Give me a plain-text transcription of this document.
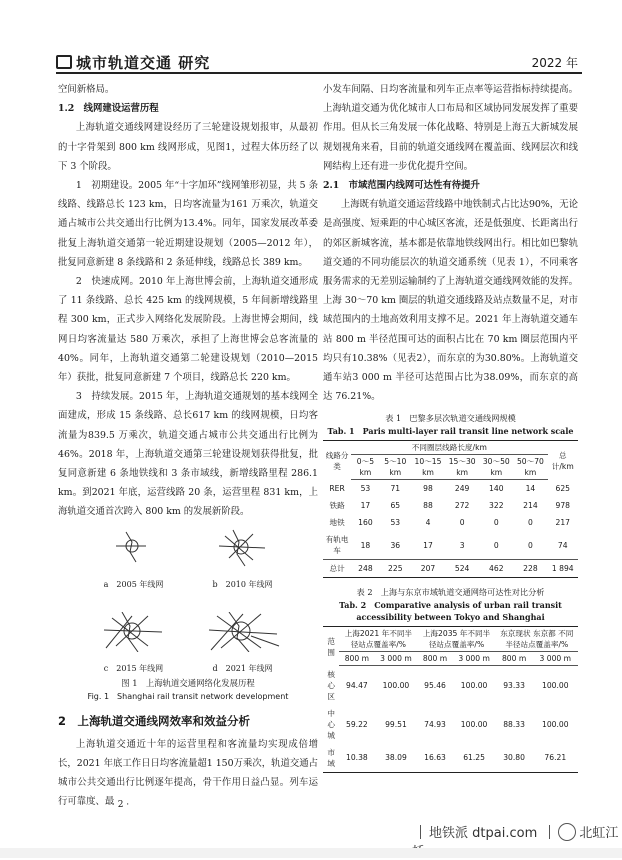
城市轨道交通 研究	2022 年

空间新格局。

1.2　线网建设运营历程

上海轨道交通线网建设经历了三轮建设规划报审，从最初的十字骨架到 800 km 线网形成，见图1，过程大体历经了以下 3 个阶段。

1　初期建设。2005 年“十字加环”线网雏形初显，共 5 条线路、线路总长 123 km，日均客流量为161 万乘次，轨道交通占城市公共交通出行比例为13.4%。同年，国家发展改革委批复上海轨道交通第一轮近期建设规划（2005—2012 年），批复同意新建 8 条线路和 2 条延伸线，线路总长 389 km。

2　快速成网。2010 年上海世博会前，上海轨道交通形成了 11 条线路、总长 425 km 的线网规模，5 年间新增线路里程 300 km，正式步入网络化发展阶段。上海世博会期间，线网日均客流量达 580 万乘次，承担了上海世博会总客流量的 40%。同年，上海轨道交通第二轮建设规划（2010—2015 年）获批，批复同意新建 7 个项目，线路总长 220 km。

3　持续发展。2015 年，上海轨道交通规划的基本线网全面建成，形成 15 条线路、总长617 km 的线网规模，日均客流量为839.5 万乘次，轨道交通占城市公共交通出行比例为 46%。2018 年，上海轨道交通第三轮建设规划获得批复，批复同意新建 6 条地铁线和 3 条市域线，新增线路里程 286.1 km。到2021 年底，运营线路 20 条，运营里程 831 km，上海轨道交通首次跨入 800 km 的发展新阶段。

a　2005 年线网	b　2010 年线网
c　2015 年线网	d　2021 年线网
图 1　上海轨道交通网络化发展历程
Fig. 1　Shanghai rail transit network development
2　上海轨道交通线网效率和效益分析

上海轨道交通近十年的运营里程和客流量均实现成倍增长，2021 年底工作日日均客流量超1 150万乘次，轨道交通占城市公共交通出行比例逐年提高，骨干作用日益凸显。列车运行可靠度、最

小发车间隔、日均客流量和列车正点率等运营指标持续提高。上海轨道交通为优化城市人口布局和区域协同发展发挥了重要作用。但从长三角发展一体化战略、特别是上海五大新城发展规划视角来看，目前的轨道交通线网在覆盖面、线网层次和线网结构上还有进一步优化提升空间。

2.1　市域范围内线网可达性有待提升

上海既有轨道交通运营线路中地铁制式占比达90%，无论是高强度、短乘距的中心城区客流，还是低强度、长距离出行的郊区新城客流，基本都是依靠地铁线网出行。相比如巴黎轨道交通的不同功能层次的轨道交通系统（见表 1），不同乘客服务需求的无差别运输制约了上海轨道交通线网效能的发挥。上海 30～70 km 圈层的轨道交通线路及站点数量不足，对市域范围内的土地高效利用支撑不足。2021 年上海轨道交通车站 800 m 半径范围可达的面积占比在 70 km 圈层范围内平均只有10.38%（见表2），而东京的为30.80%。上海轨道交通车站3 000 m 半径可达范围占比为38.09%，而东京的高达 76.21%。

表 1　巴黎多层次轨道交通线网规模
Tab. 1　Paris multi-layer rail transit line network scale
线路分类	不同圈层线路长度/km						总计/km
	0～5 km	5～10 km	10～15 km	15～30 km	30～50 km	50～70 km	
RER	53	71	98	249	140	14	625
铁路	17	65	88	272	322	214	978
地铁	160	53	4	0	0	0	217
有轨电车	18	36	17	3	0	0	74
总计	248	225	207	524	462	228	1 894
表 2　上海与东京市域轨道交通网络可达性对比分析
Tab. 2　Comparative analysis of urban rail transit accessibility between Tokyo and Shanghai
范围	上海2021 年不同半径站点覆盖率/%		上海2035 年不同半径站点覆盖率/%		东京现状 东京都 不同半径站点覆盖率/%	
	800 m	3 000 m	800 m	3 000 m	800 m	3 000 m
核心区	94.47	100.00	95.46	100.00	93.33	100.00
中心城	59.22	99.51	74.93	100.00	88.33	100.00
市域	10.38	38.09	16.63	61.25	30.80	76.21
· 2 ·
地铁派 dtpai.com	北虹江
